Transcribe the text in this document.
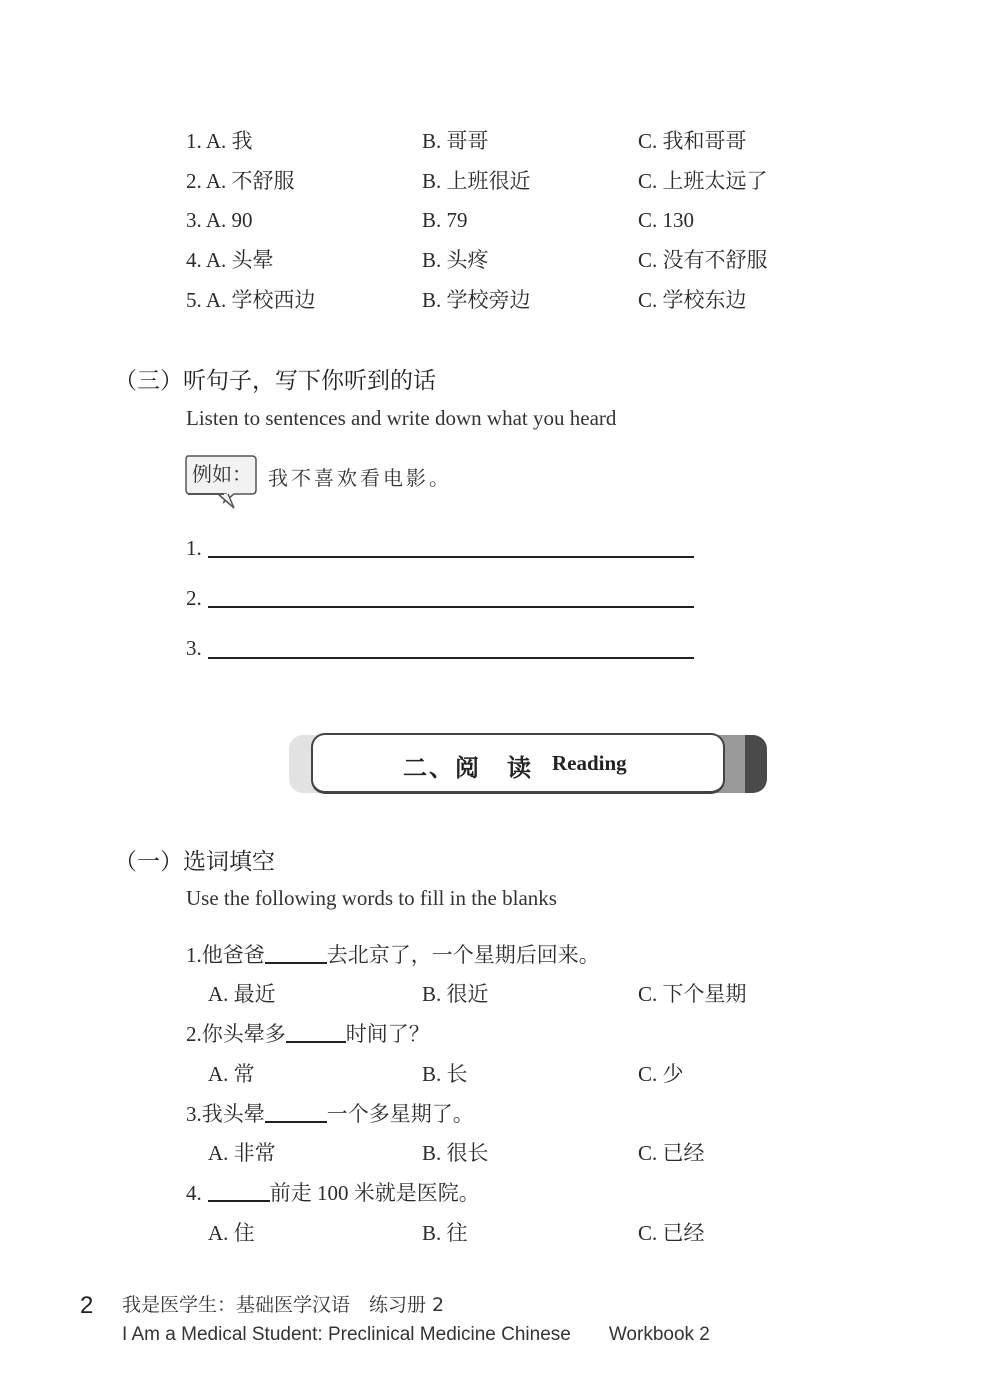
1. A. 我	B. 哥哥	C. 我和哥哥
2. A. 不舒服	B. 上班很近	C. 上班太远了
3. A. 90	B. 79	C. 130
4. A. 头晕	B. 头疼	C. 没有不舒服
5. A. 学校西边	B. 学校旁边	C. 学校东边
（三）听句子，写下你听到的话
Listen to sentences and write down what you heard
例如： 我不喜欢看电影。
1.
2.
3.
二、阅　读 Reading
（一）选词填空
Use the following words to fill in the blanks
1.他爸爸	去北京了，一个星期后回来。
A. 最近	B. 很近	C. 下个星期
2.你头晕多	时间了？
A. 常	B. 长	C. 少
3.我头晕	一个多星期了。
A. 非常	B. 很长	C. 已经
4.	前走 100 米就是医院。
A. 住	B. 往	C. 已经
2 我是医学生：基础医学汉语　练习册 2
I Am a Medical Student: Preclinical Medicine Chinese　　Workbook 2
